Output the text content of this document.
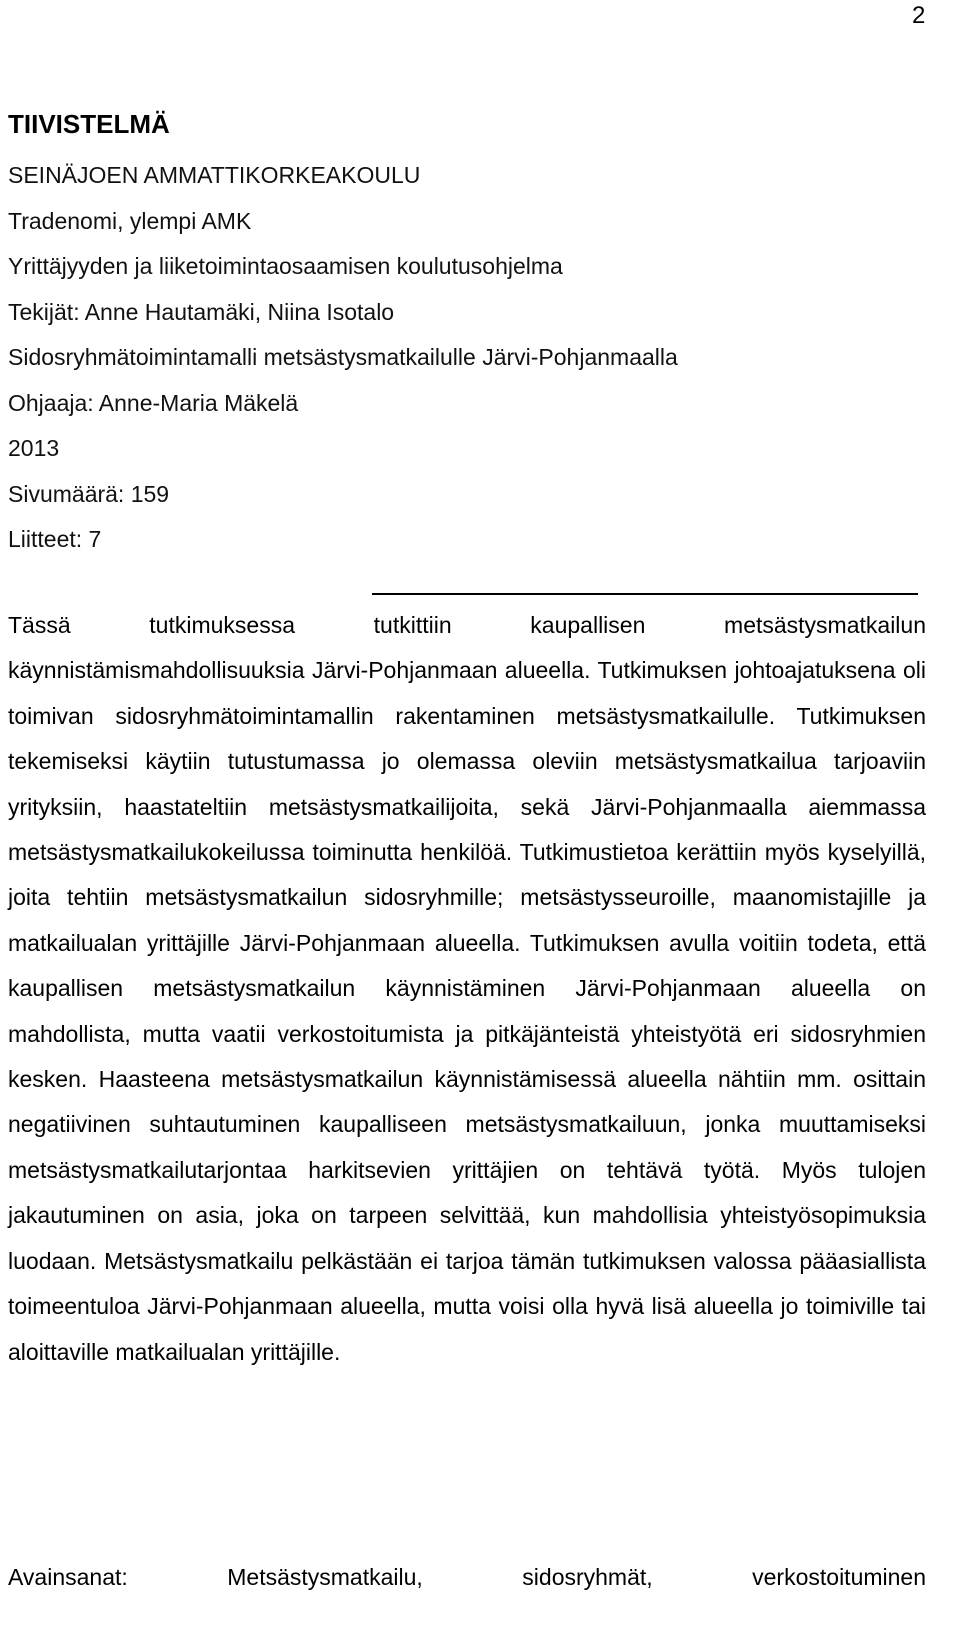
2
TIIVISTELMÄ
SEINÄJOEN AMMATTIKORKEAKOULU
Tradenomi, ylempi AMK
Yrittäjyyden ja liiketoimintaosaamisen koulutusohjelma
Tekijät: Anne Hautamäki, Niina Isotalo
Sidosryhmätoimintamalli metsästysmatkailulle Järvi-Pohjanmaalla
Ohjaaja: Anne-Maria Mäkelä
2013
Sivumäärä: 159
Liitteet: 7

Tässä tutkimuksessa tutkittiin kaupallisen metsästysmatkailun käynnistämismahdollisuuksia Järvi-Pohjanmaan alueella. Tutkimuksen johtoajatuksena oli toimivan sidosryhmätoimintamallin rakentaminen metsästysmatkailulle. Tutkimuksen tekemiseksi käytiin tutustumassa jo olemassa oleviin metsästysmatkailua tarjoaviin yrityksiin, haastateltiin metsästysmatkailijoita, sekä Järvi-Pohjanmaalla aiemmassa metsästysmatkailukokeilussa toiminutta henkilöä. Tutkimustietoa kerättiin myös kyselyillä, joita tehtiin metsästysmatkailun sidosryhmille; metsästysseuroille, maanomistajille ja matkailualan yrittäjille Järvi-Pohjanmaan alueella. Tutkimuksen avulla voitiin todeta, että kaupallisen metsästysmatkailun käynnistäminen Järvi-Pohjanmaan alueella on mahdollista, mutta vaatii verkostoitumista ja pitkäjänteistä yhteistyötä eri sidosryhmien kesken. Haasteena metsästysmatkailun käynnistämisessä alueella nähtiin mm. osittain negatiivinen suhtautuminen kaupalliseen metsästysmatkailuun, jonka muuttamiseksi metsästysmatkailutarjontaa harkitsevien yrittäjien on tehtävä työtä. Myös tulojen jakautuminen on asia, joka on tarpeen selvittää, kun mahdollisia yhteistyösopimuksia luodaan. Metsästysmatkailu pelkästään ei tarjoa tämän tutkimuksen valossa pääasiallista toimeentuloa Järvi-Pohjanmaan alueella, mutta voisi olla hyvä lisä alueella jo toimiville tai aloittaville matkailualan yrittäjille.

Avainsanat: Metsästysmatkailu, sidosryhmät, verkostoituminen
